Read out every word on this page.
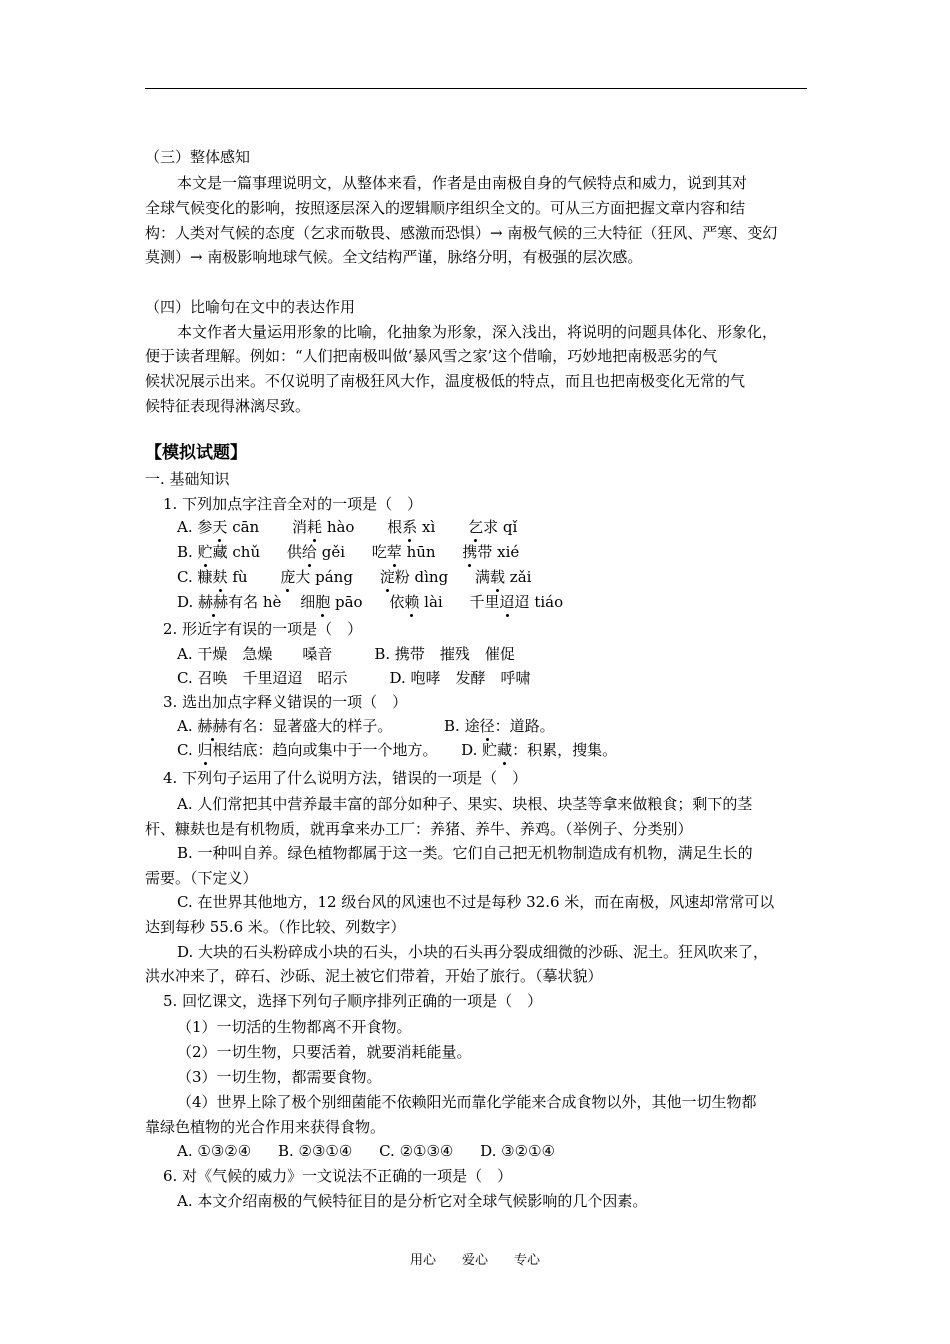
（三）整体感知
本文是一篇事理说明文，从整体来看，作者是由南极自身的气候特点和威力，说到其对
全球气候变化的影响，按照逐层深入的逻辑顺序组织全文的。可从三方面把握文章内容和结
构：人类对气候的态度（乞求而敬畏、感激而恐惧）→ 南极气候的三大特征（狂风、严寒、变幻
莫测）→ 南极影响地球气候。全文结构严谨，脉络分明，有极强的层次感。
（四）比喻句在文中的表达作用
本文作者大量运用形象的比喻，化抽象为形象，深入浅出，将说明的问题具体化、形象化，
便于读者理解。例如：“人们把南极叫做‘暴风雪之家’这个借喻，巧妙地把南极恶劣的气
候状况展示出来。不仅说明了南极狂风大作，温度极低的特点，而且也把南极变化无常的气
候特征表现得淋漓尽致。
【模拟试题】
一. 基础知识
1. 下列加点字注音全对的一项是（　）
A. 参天 cān 消耗 hào 根系 xì 乞求 qǐ
B. 贮藏 chǔ 供给 gěi 吃荤 hūn 携带 xié
C. 糠麸 fù 庞大 páng 淀粉 dìng 满载 zǎi
D. 赫赫有名 hè 细胞 pāo 依赖 lài 千里迢迢 tiáo
2. 形近字有误的一项是（　）
A. 干燥　急燥　　嗓音	B. 携带　摧残　催促
C. 召唤　千里迢迢　昭示	D. 咆哮　发酵　呼啸
3. 选出加点字释义错误的一项（　）
A. 赫赫有名：显著盛大的样子。	B. 途径：道路。
C. 归根结底：趋向或集中于一个地方。 D. 贮藏：积累，搜集。
4. 下列句子运用了什么说明方法，错误的一项是（　）
A. 人们常把其中营养最丰富的部分如种子、果实、块根、块茎等拿来做粮食；剩下的茎
杆、糠麸也是有机物质，就再拿来办工厂：养猪、养牛、养鸡。（举例子、分类别）
B. 一种叫自养。绿色植物都属于这一类。它们自己把无机物制造成有机物，满足生长的
需要。（下定义）
C. 在世界其他地方，12 级台风的风速也不过是每秒 32.6 米，而在南极，风速却常常可以
达到每秒 55.6 米。（作比较、列数字）
D. 大块的石头粉碎成小块的石头，小块的石头再分裂成细微的沙砾、泥土。狂风吹来了，
洪水冲来了，碎石、沙砾、泥土被它们带着，开始了旅行。（摹状貌）
5. 回忆课文，选择下列句子顺序排列正确的一项是（　）
（1）一切活的生物都离不开食物。
（2）一切生物，只要活着，就要消耗能量。
（3）一切生物，都需要食物。
（4）世界上除了极个别细菌能不依赖阳光而靠化学能来合成食物以外，其他一切生物都
靠绿色植物的光合作用来获得食物。
A. ①③②④ B. ②③①④ C. ②①③④ D. ③②①④
6. 对《气候的威力》一文说法不正确的一项是（　）
A. 本文介绍南极的气候特征目的是分析它对全球气候影响的几个因素。
用心　　爱心　　专心
